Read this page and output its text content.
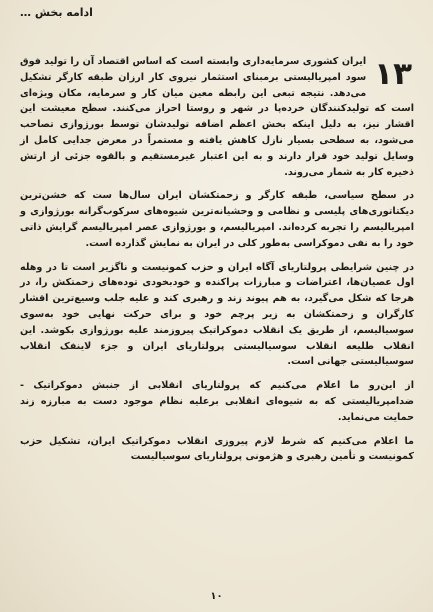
ادامه بخش …

۱۳
ایران کشوری سرمایه‌داری وابسته است که اساس اقتصاد آن را تولید فوق سود امپریالیستی برمبنای استثمار نیروی کار ارزان طبقه کارگر تشکیل می‌دهد. نتیجه تبعی این رابطه معین میان کار و سرمایه، مکان ویژه‌ای است که تولیدکنندگان خرده‌پا در شهر و روستا احراز می‌کنند. سطح معیشت این اقشار نیز، به دلیل اینکه بخش اعظم اضافه تولیدشان توسط بورژوازی تصاحب می‌شود، به سطحی بسیار نازل کاهش یافته و مستمراً در معرض جدایی کامل از وسایل تولید خود قرار دارند و به این اعتبار غیرمستقیم و بالقوه جزئی از ارتش ذخیره کار به شمار می‌روند.

در سطح سیاسی، طبقه کارگر و زحمتکشان ایران سال‌ها ست که خشن‌ترین دیکتاتوری‌های پلیسی و نظامی و وحشیانه‌ترین شیوه‌های سرکوب‌گرانه بورژوازی و امپریالیسم را تجربه کرده‌اند. امپریالیسم، و بورژوازی عصر امپریالیسم گرایش ذاتی خود را به نفی دموکراسی به‌طور کلی در ایران به نمایش گذارده است.

در چنین شرایطی پرولتاریای آگاه ایران و حزب کمونیست و ناگزیر است تا در وهله اول عصیان‌ها، اعتراضات و مبارزات پراکنده و خودبخودی توده‌های زحمتکش را، در هرجا که شکل می‌گیرد، به هم پیوند زند و رهبری کند و علیه جلب وسیع‌ترین اقشار کارگران و زحمتکشان به زیر پرچم خود و برای حرکت نهایی خود به‌سوی سوسیالیسم، از طریق یک انقلاب دموکراتیک پیروزمند علیه بورژوازی بکوشد. این انقلاب طلیعه انقلاب سوسیالیستی پرولتاریای ایران و جزء لاینفک انقلاب سوسیالیستی جهانی است.

از این‌رو ما اعلام می‌کنیم که پرولتاریای انقلابی از جنبش دموکراتیک - ضدامپریالیستی که به شیوه‌ای انقلابی برعلیه نظام موجود دست به مبارزه زند حمایت می‌نماید.

ما اعلام می‌کنیم که شرط لازم پیروزی انقلاب دموکراتیک ایران، تشکیل حزب کمونیست و تأمین رهبری و هژمونی پرولتاریای سوسیالیست

۱۰
